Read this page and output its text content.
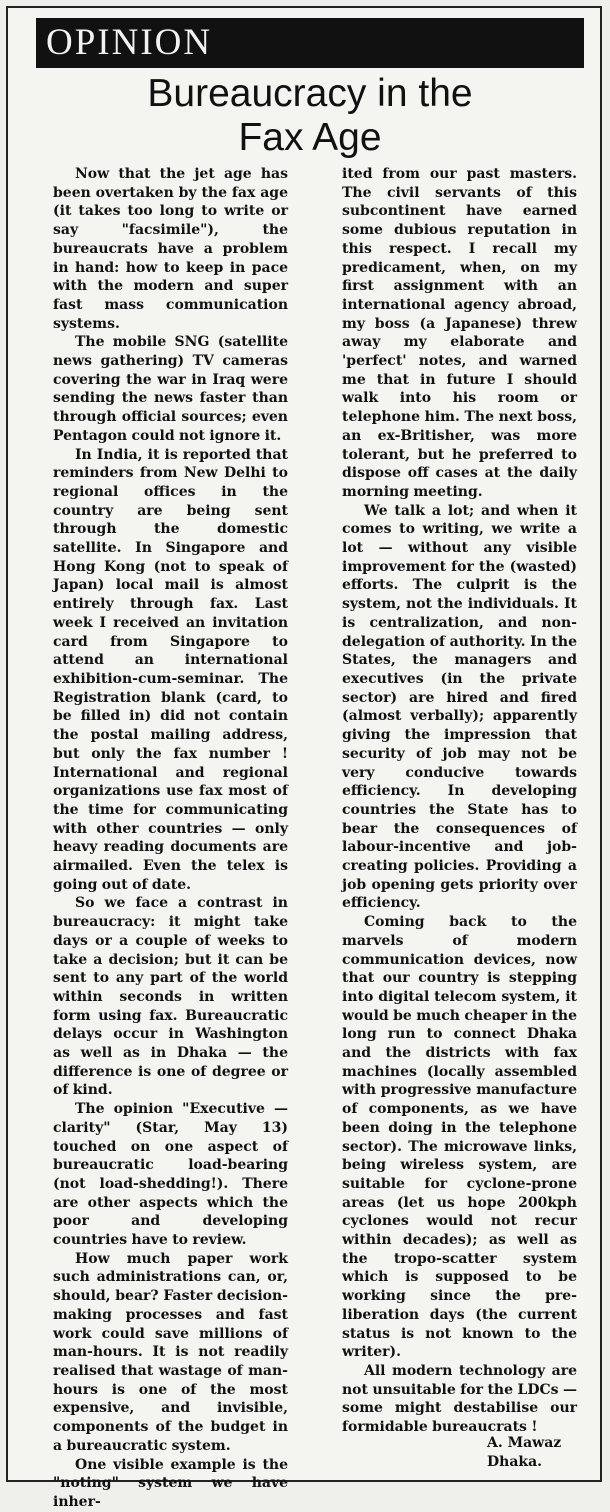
OPINION
Bureaucracy in the
Fax Age

Now that the jet age has been overtaken by the fax age (it takes too long to write or say "facsimile"), the bureaucrats have a problem in hand: how to keep in pace with the modern and super fast mass communication systems.

The mobile SNG (satellite news gathering) TV cameras covering the war in Iraq were sending the news faster than through official sources; even Pentagon could not ignore it.

In India, it is reported that reminders from New Delhi to regional offices in the country are being sent through the domestic satellite. In Singapore and Hong Kong (not to speak of Japan) local mail is almost entirely through fax. Last week I received an invitation card from Singapore to attend an international exhibition-cum-seminar. The Registration blank (card, to be filled in) did not contain the postal mailing address, but only the fax number ! International and regional organizations use fax most of the time for communicating with other countries — only heavy reading documents are airmailed. Even the telex is going out of date.

So we face a contrast in bureaucracy: it might take days or a couple of weeks to take a decision; but it can be sent to any part of the world within seconds in written form using fax. Bureaucratic delays occur in Washington as well as in Dhaka — the difference is one of degree or of kind.

The opinion "Executive — clarity" (Star, May 13) touched on one aspect of bureaucratic load-bearing (not load-shedding!). There are other aspects which the poor and developing countries have to review.

How much paper work such administrations can, or, should, bear? Faster decision-making processes and fast work could save millions of man-hours. It is not readily realised that wastage of man-hours is one of the most expensive, and invisible, components of the budget in a bureaucratic system.

One visible example is the "noting" system we have inher-

ited from our past masters. The civil servants of this subcontinent have earned some dubious reputation in this respect. I recall my predicament, when, on my first assignment with an international agency abroad, my boss (a Japanese) threw away my elaborate and 'perfect' notes, and warned me that in future I should walk into his room or telephone him. The next boss, an ex-Britisher, was more tolerant, but he preferred to dispose off cases at the daily morning meeting.

We talk a lot; and when it comes to writing, we write a lot — without any visible improvement for the (wasted) efforts. The culprit is the system, not the individuals. It is centralization, and non-delegation of authority. In the States, the managers and executives (in the private sector) are hired and fired (almost verbally); apparently giving the impression that security of job may not be very conducive towards efficiency. In developing countries the State has to bear the consequences of labour-incentive and job-creating policies. Providing a job opening gets priority over efficiency.

Coming back to the marvels of modern communication devices, now that our country is stepping into digital telecom system, it would be much cheaper in the long run to connect Dhaka and the districts with fax machines (locally assembled with progressive manufacture of components, as we have been doing in the telephone sector). The microwave links, being wireless system, are suitable for cyclone-prone areas (let us hope 200kph cyclones would not recur within decades); as well as the tropo-scatter system which is supposed to be working since the pre-liberation days (the current status is not known to the writer).

All modern technology are not unsuitable for the LDCs — some might destabilise our formidable bureaucrats !

A. Mawaz
Dhaka.
